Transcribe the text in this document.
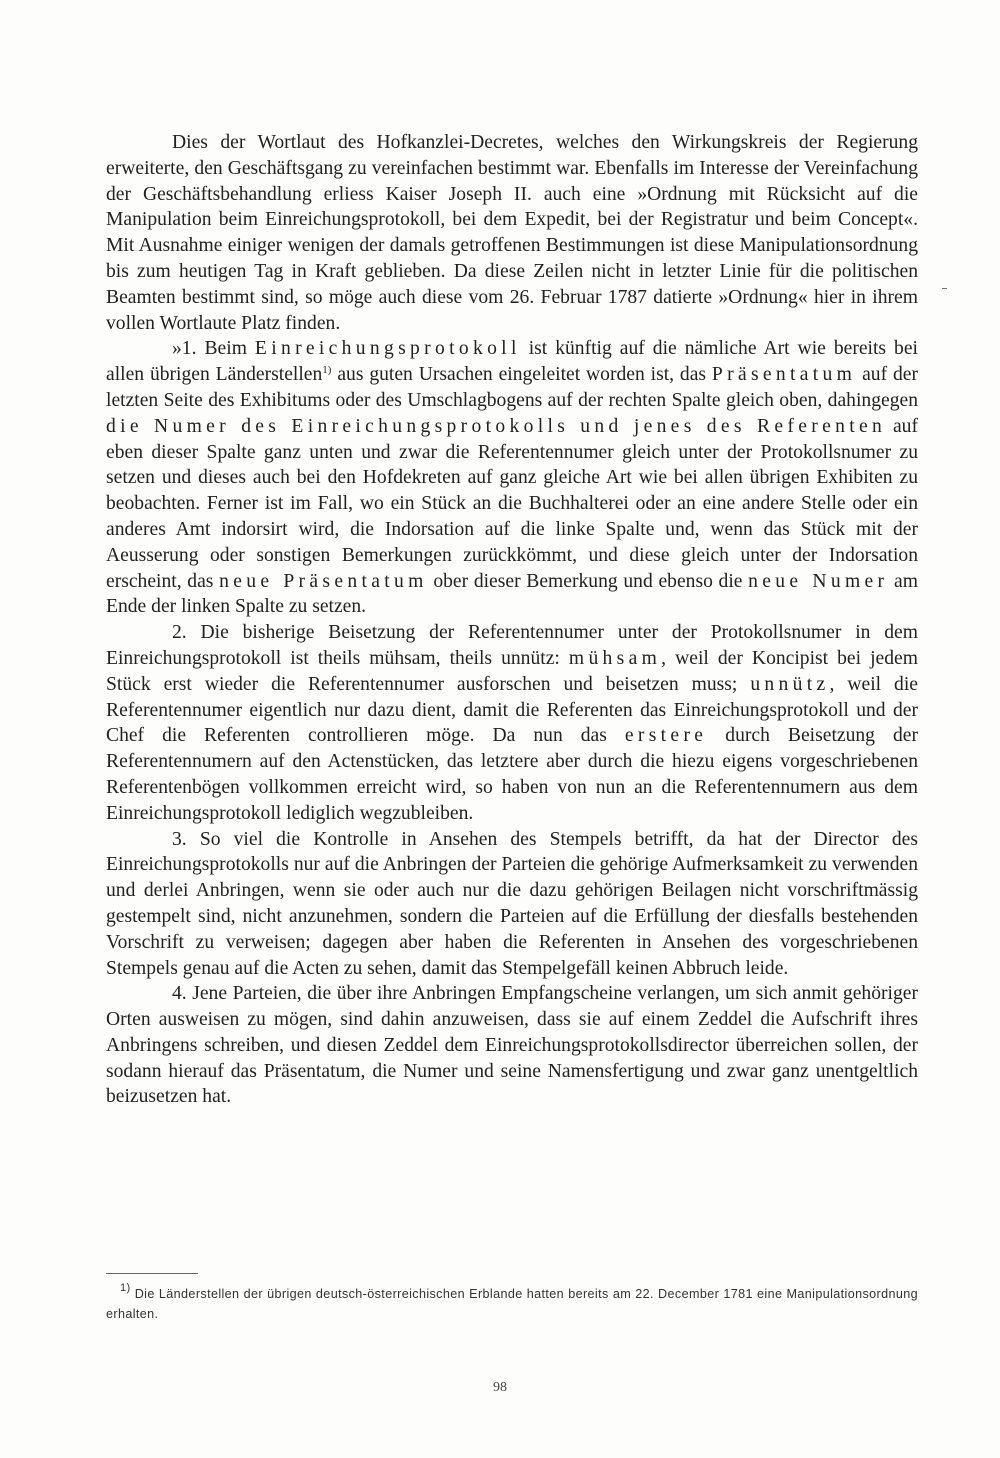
Dies der Wortlaut des Hofkanzlei-Decretes, welches den Wirkungskreis der Regierung erweiterte, den Geschäftsgang zu vereinfachen bestimmt war. Ebenfalls im Interesse der Vereinfachung der Geschäftsbehandlung erliess Kaiser Joseph II. auch eine »Ordnung mit Rücksicht auf die Manipulation beim Einreichungsprotokoll, bei dem Expedit, bei der Registratur und beim Concept«. Mit Ausnahme einiger wenigen der damals getroffenen Bestimmungen ist diese Manipulationsordnung bis zum heutigen Tag in Kraft geblieben. Da diese Zeilen nicht in letzter Linie für die politischen Beamten bestimmt sind, so möge auch diese vom 26. Februar 1787 datierte »Ordnung« hier in ihrem vollen Wortlaute Platz finden.

»1. Beim Einreichungsprotokoll ist künftig auf die nämliche Art wie bereits bei allen übrigen Länderstellen$^{1)}$ aus guten Ursachen eingeleitet worden ist, das Präsentatum auf der letzten Seite des Exhibitums oder des Umschlagbogens auf der rechten Spalte gleich oben, dahingegen die Numer des Einreichungsprotokolls und jenes des Referenten auf eben dieser Spalte ganz unten und zwar die Referentennumer gleich unter der Protokollsnumer zu setzen und dieses auch bei den Hofdekreten auf ganz gleiche Art wie bei allen übrigen Exhibiten zu beobachten. Ferner ist im Fall, wo ein Stück an die Buchhalterei oder an eine andere Stelle oder ein anderes Amt indorsirt wird, die Indorsation auf die linke Spalte und, wenn das Stück mit der Aeusserung oder sonstigen Bemerkungen zurückkömmt, und diese gleich unter der Indorsation erscheint, das neue Präsentatum ober dieser Bemerkung und ebenso die neue Numer am Ende der linken Spalte zu setzen.

2. Die bisherige Beisetzung der Referentennumer unter der Protokollsnumer in dem Einreichungsprotokoll ist theils mühsam, theils unnütz: mühsam, weil der Koncipist bei jedem Stück erst wieder die Referentennumer ausforschen und beisetzen muss; unnütz, weil die Referentennumer eigentlich nur dazu dient, damit die Referenten das Einreichungsprotokoll und der Chef die Referenten controllieren möge. Da nun das erstere durch Beisetzung der Referentennumern auf den Actenstücken, das letztere aber durch die hiezu eigens vorgeschriebenen Referentenbögen vollkommen erreicht wird, so haben von nun an die Referentennumern aus dem Einreichungsprotokoll lediglich wegzubleiben.

3. So viel die Kontrolle in Ansehen des Stempels betrifft, da hat der Director des Einreichungsprotokolls nur auf die Anbringen der Parteien die gehörige Aufmerksamkeit zu verwenden und derlei Anbringen, wenn sie oder auch nur die dazu gehörigen Beilagen nicht vorschriftmässig gestempelt sind, nicht anzunehmen, sondern die Parteien auf die Erfüllung der diesfalls bestehenden Vorschrift zu verweisen; dagegen aber haben die Referenten in Ansehen des vorgeschriebenen Stempels genau auf die Acten zu sehen, damit das Stempelgefäll keinen Abbruch leide.

4. Jene Parteien, die über ihre Anbringen Empfangscheine verlangen, um sich anmit gehöriger Orten ausweisen zu mögen, sind dahin anzuweisen, dass sie auf einem Zeddel die Aufschrift ihres Anbringens schreiben, und diesen Zeddel dem Einreichungsprotokollsdirector überreichen sollen, der sodann hierauf das Präsentatum, die Numer und seine Namensfertigung und zwar ganz unentgeltlich beizusetzen hat.

$^{1)}$ Die Länderstellen der übrigen deutsch-österreichischen Erblande hatten bereits am 22. December 1781 eine Manipulationsordnung erhalten.

98
